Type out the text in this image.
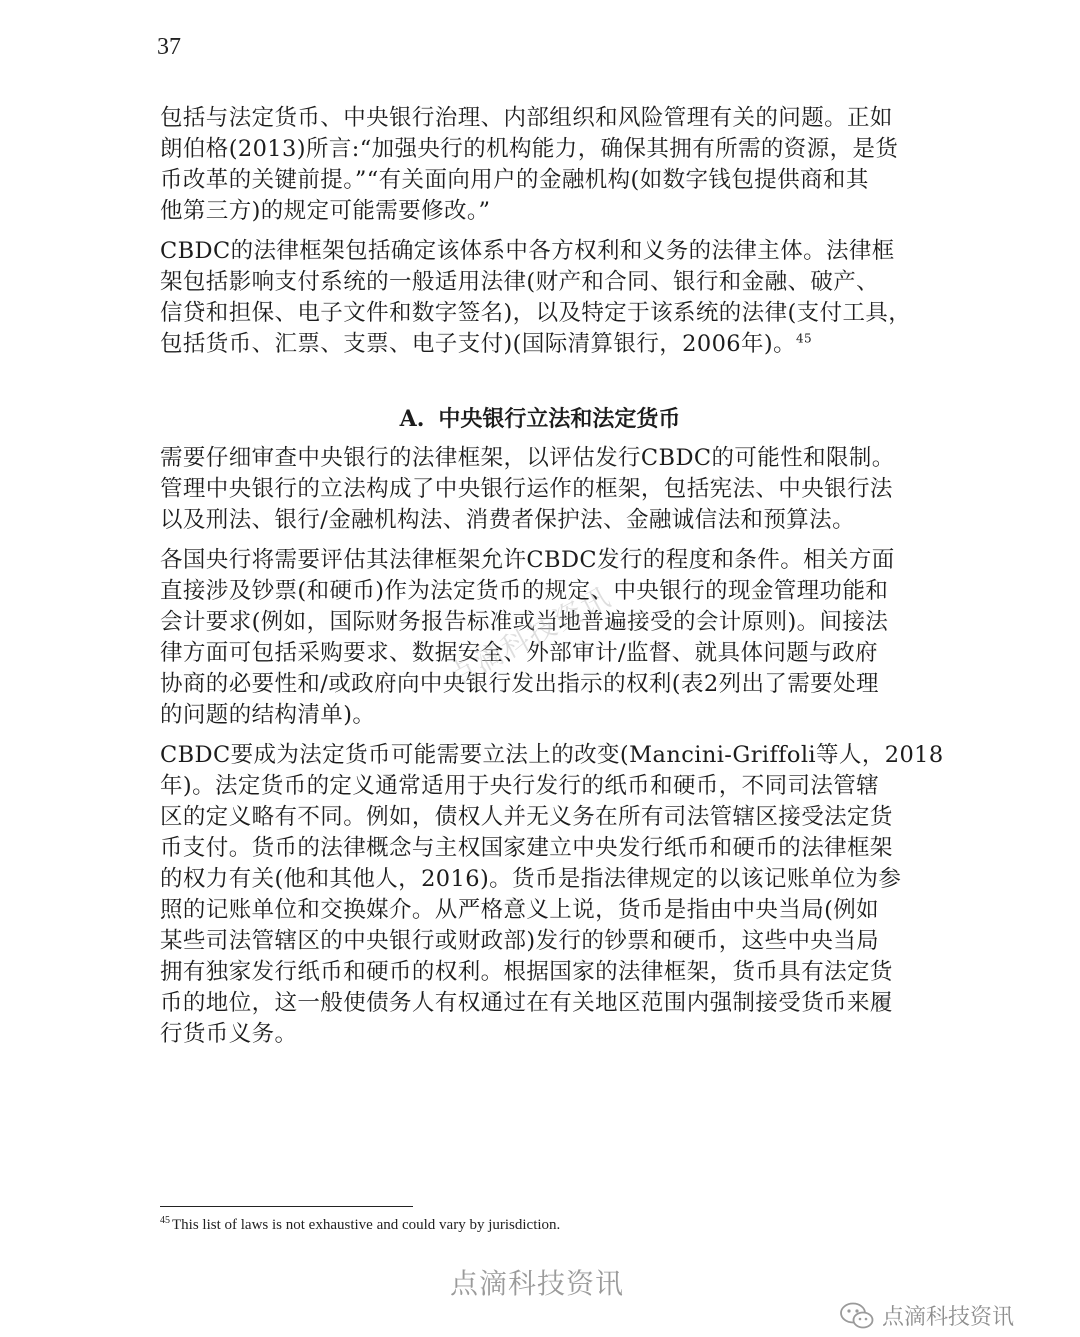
37

包括与法定货币、中央银行治理、内部组织和风险管理有关的问题。正如
朗伯格(2013)所言:“加强央行的机构能力，确保其拥有所需的资源，是货
币改革的关键前提。”“有关面向用户的金融机构(如数字钱包提供商和其
他第三方)的规定可能需要修改。”

CBDC的法律框架包括确定该体系中各方权利和义务的法律主体。法律框
架包括影响支付系统的一般适用法律(财产和合同、银行和金融、破产、
信贷和担保、电子文件和数字签名)，以及特定于该系统的法律(支付工具，
包括货币、汇票、支票、电子支付)(国际清算银行，2006年)。$^{45}$

A. 中央银行立法和法定货币

需要仔细审查中央银行的法律框架，以评估发行CBDC的可能性和限制。
管理中央银行的立法构成了中央银行运作的框架，包括宪法、中央银行法
以及刑法、银行/金融机构法、消费者保护法、金融诚信法和预算法。

各国央行将需要评估其法律框架允许CBDC发行的程度和条件。相关方面
直接涉及钞票(和硬币)作为法定货币的规定、中央银行的现金管理功能和
会计要求(例如，国际财务报告标准或当地普遍接受的会计原则)。间接法
律方面可包括采购要求、数据安全、外部审计/监督、就具体问题与政府
协商的必要性和/或政府向中央银行发出指示的权利(表2列出了需要处理
的问题的结构清单)。

CBDC要成为法定货币可能需要立法上的改变(Mancini-Griffoli等人，2018
年)。法定货币的定义通常适用于央行发行的纸币和硬币，不同司法管辖
区的定义略有不同。例如，债权人并无义务在所有司法管辖区接受法定货
币支付。货币的法律概念与主权国家建立中央发行纸币和硬币的法律框架
的权力有关(他和其他人，2016)。货币是指法律规定的以该记账单位为参
照的记账单位和交换媒介。从严格意义上说，货币是指由中央当局(例如
某些司法管辖区的中央银行或财政部)发行的钞票和硬币，这些中央当局
拥有独家发行纸币和硬币的权利。根据国家的法律框架，货币具有法定货
币的地位，这一般使债务人有权通过在有关地区范围内强制接受货币来履
行货币义务。

点滴科技资讯
$^{45}$ This list of laws is not exhaustive and could vary by jurisdiction.
点滴科技资讯
点滴科技资讯
